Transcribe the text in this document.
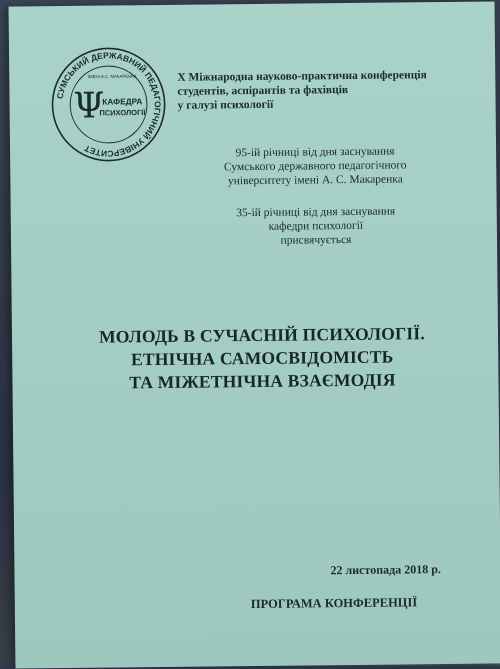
СУМСЬКИЙ ДЕРЖАВНИЙ ПЕДАГОГІЧНИЙ УНІВЕРСИТЕТ
ІМЕНІ А.С. МАКАРЕНКА
Ψ
КАФЕДРА
ПСИХОЛОГІЇ
X Міжнародна науково-практична конференція
студентів, аспірантів та фахівців
у галузі психології

95-ій річниці від дня заснування
Сумського державного педагогічного
університету імені А. С. Макаренка

35-ій річниці від дня заснування
кафедри психології
присвячується

МОЛОДЬ В СУЧАСНІЙ ПСИХОЛОГІЇ.
ЕТНІЧНА САМОСВІДОМІСТЬ
ТА МІЖЕТНІЧНА ВЗАЄМОДІЯ
22 листопада 2018 р.
ПРОГРАМА КОНФЕРЕНЦІЇ
